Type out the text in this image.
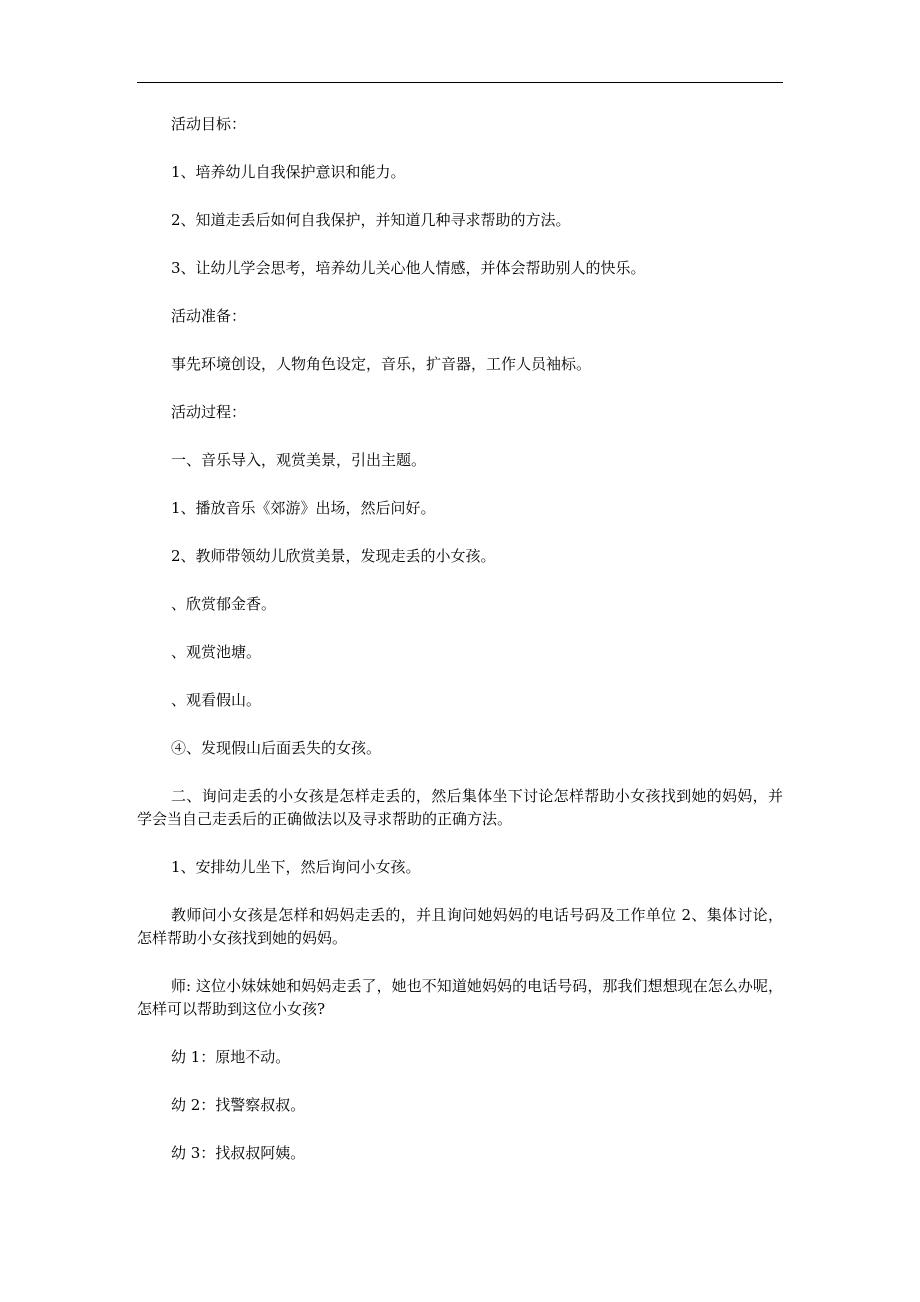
活动目标：

1、培养幼儿自我保护意识和能力。

2、知道走丢后如何自我保护，并知道几种寻求帮助的方法。

3、让幼儿学会思考，培养幼儿关心他人情感，并体会帮助别人的快乐。

活动准备：

事先环境创设，人物角色设定，音乐，扩音器，工作人员袖标。

活动过程：

一、音乐导入，观赏美景，引出主题。

1、播放音乐《郊游》出场，然后问好。

2、教师带领幼儿欣赏美景，发现走丢的小女孩。

、欣赏郁金香。

、观赏池塘。

、观看假山。

④、发现假山后面丢失的女孩。

二、询问走丢的小女孩是怎样走丢的，然后集体坐下讨论怎样帮助小女孩找到她的妈妈，并学会当自己走丢后的正确做法以及寻求帮助的正确方法。

1、安排幼儿坐下，然后询问小女孩。

教师问小女孩是怎样和妈妈走丢的，并且询问她妈妈的电话号码及工作单位 2、集体讨论，怎样帮助小女孩找到她的妈妈。

师: 这位小妹妹她和妈妈走丢了，她也不知道她妈妈的电话号码，那我们想想现在怎么办呢，怎样可以帮助到这位小女孩?

幼 1：原地不动。

幼 2：找警察叔叔。

幼 3：找叔叔阿姨。
